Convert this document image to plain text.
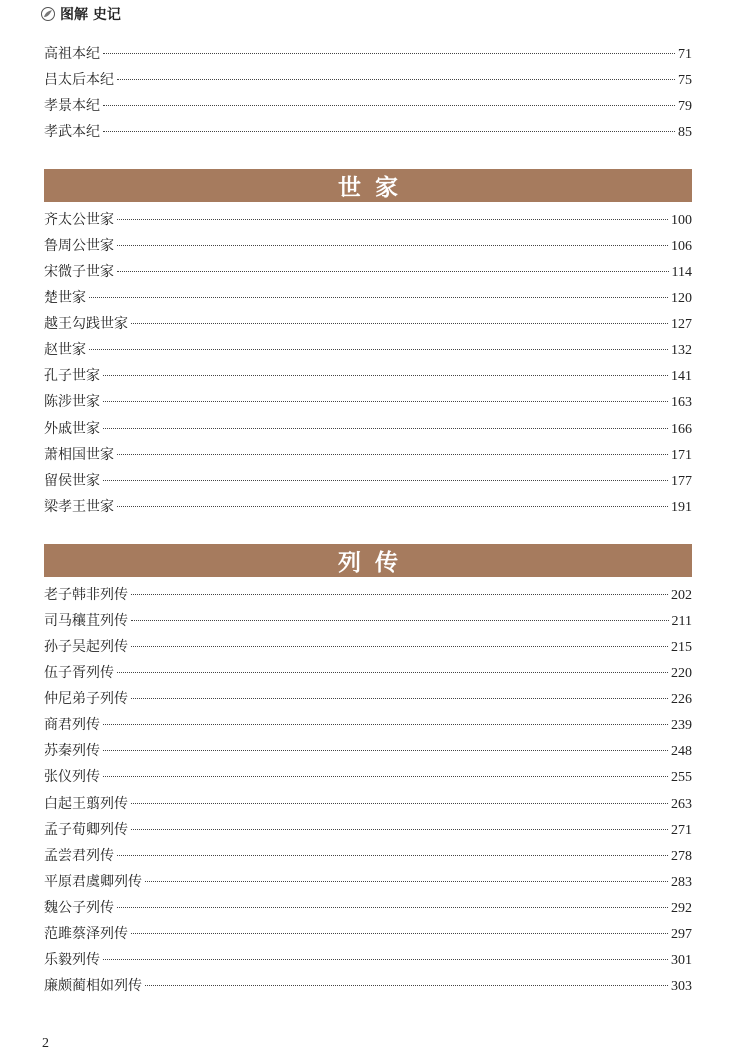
图解 史记
高祖本纪	71
吕太后本纪	75
孝景本纪	79
孝武本纪	85
世家
齐太公世家	100
鲁周公世家	106
宋微子世家	114
楚世家	120
越王勾践世家	127
赵世家	132
孔子世家	141
陈涉世家	163
外戚世家	166
萧相国世家	171
留侯世家	177
梁孝王世家	191
列传
老子韩非列传	202
司马穰苴列传	211
孙子吴起列传	215
伍子胥列传	220
仲尼弟子列传	226
商君列传	239
苏秦列传	248
张仪列传	255
白起王翦列传	263
孟子荀卿列传	271
孟尝君列传	278
平原君虞卿列传	283
魏公子列传	292
范雎蔡泽列传	297
乐毅列传	301
廉颇蔺相如列传	303
2
